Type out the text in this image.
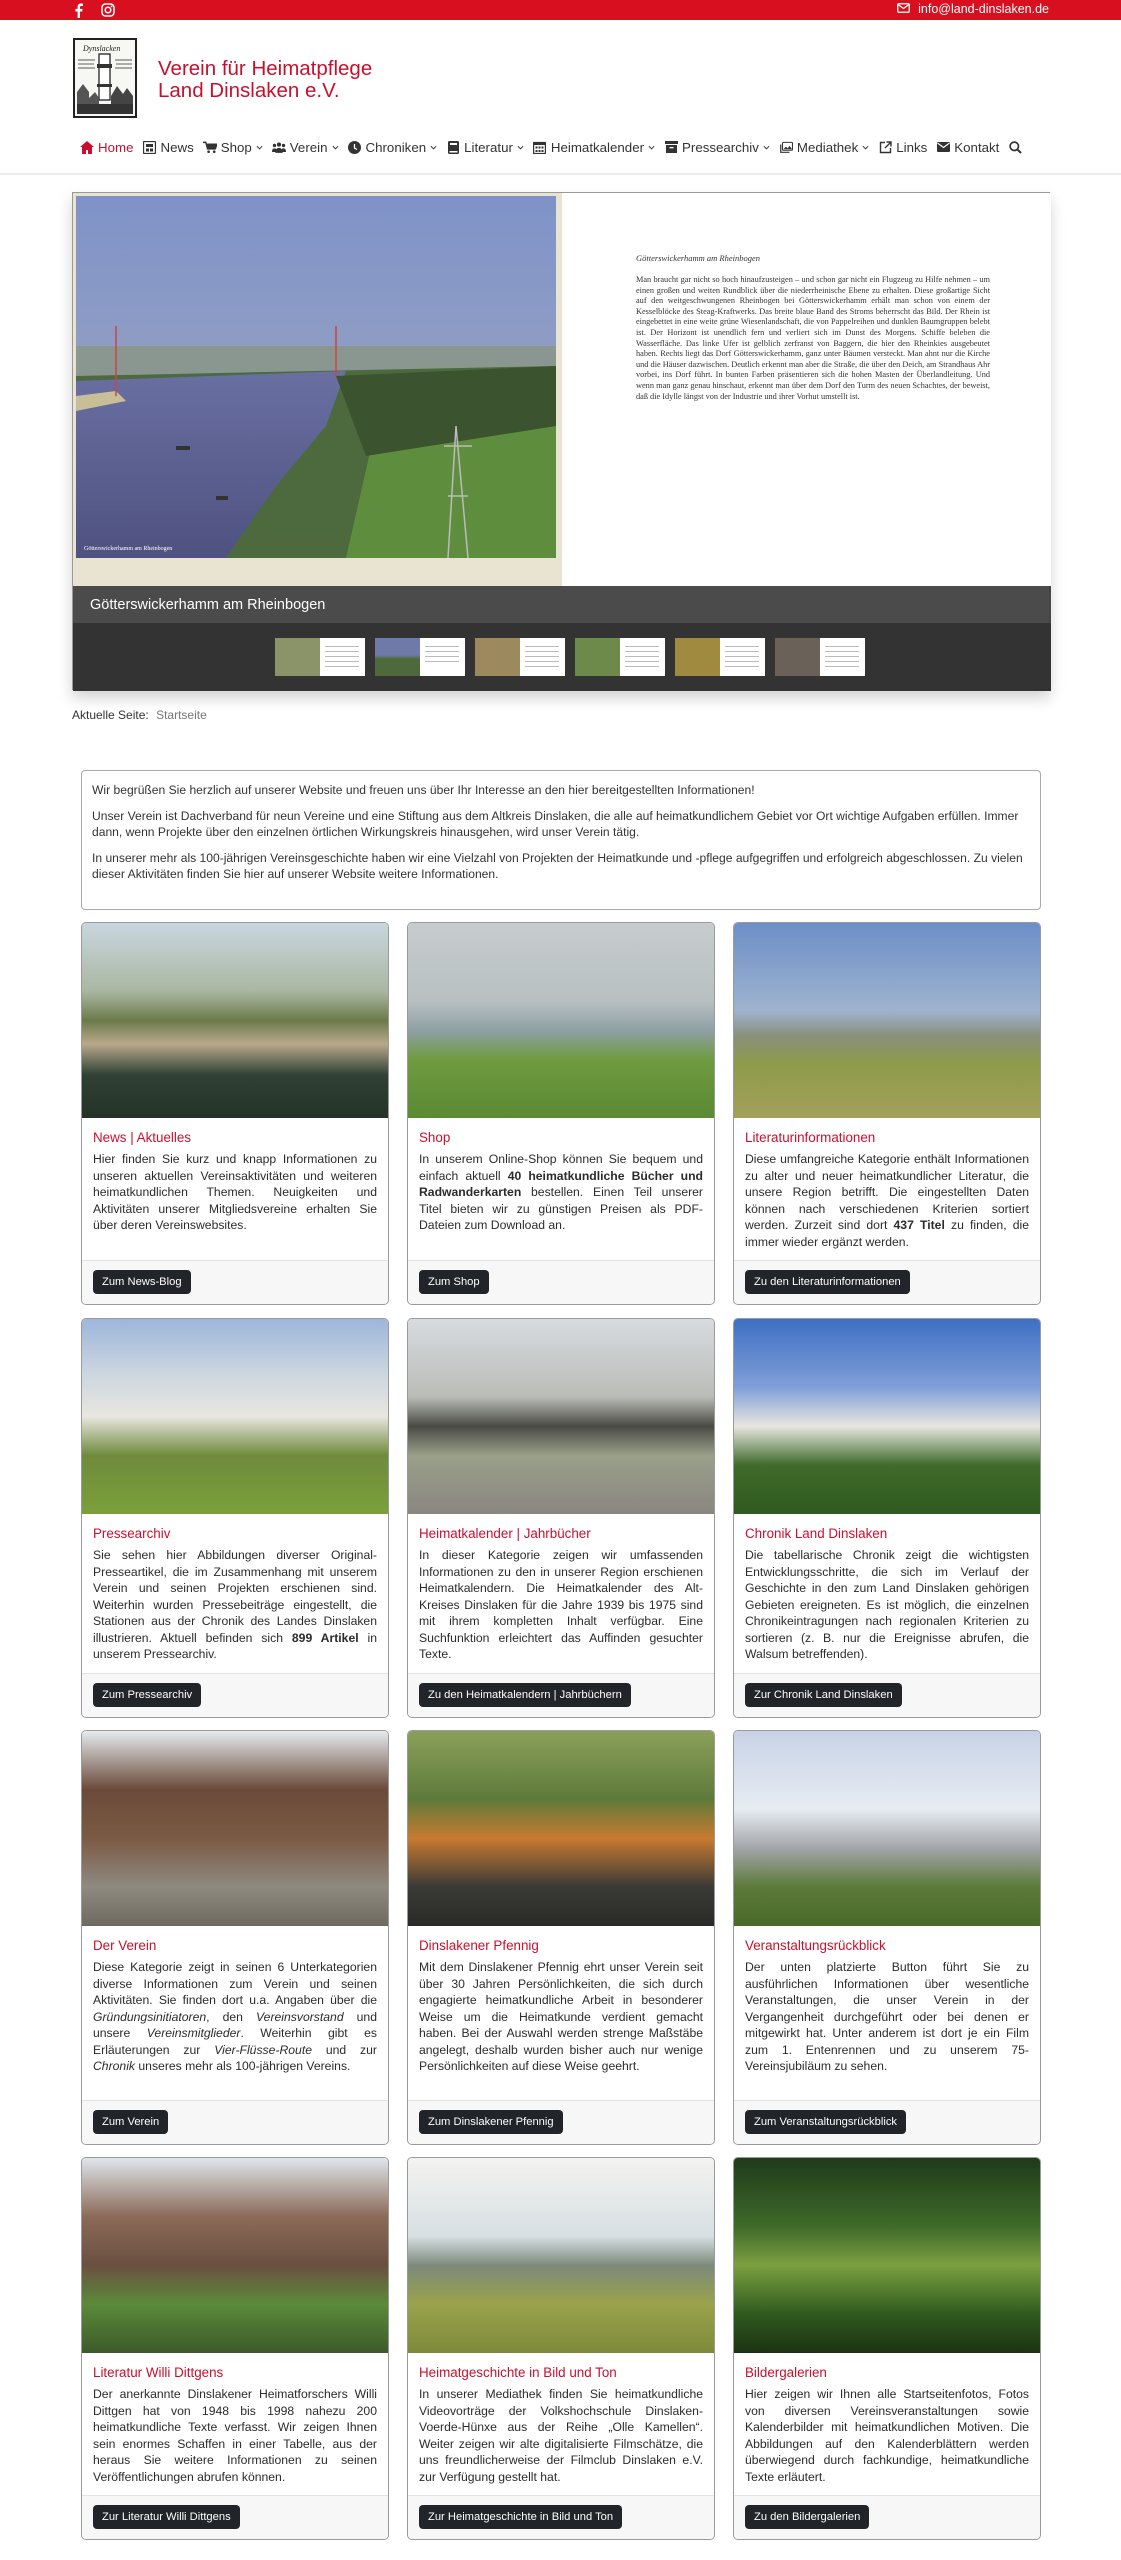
info@land-dinslaken.de
Dynslacken
Verein für Heimatpflege
Land Dinslaken e.V.
Home News Shop	Verein	Chroniken	Literatur	Heimatkalender	Pressearchiv	Mediathek	Links Kontakt
Götterswickerhamm am Rheinbogen
Götterswickerhamm am Rheinbogen
Man braucht gar nicht so hoch hinaufzusteigen – und schon gar nicht ein Flugzeug zu Hilfe nehmen – um einen großen und weiten Rundblick über die niederrheinische Ebene zu erhalten. Diese großartige Sicht auf den weitgeschwungenen Rheinbogen bei Götterswickerhamm erhält man schon von einem der Kesselblöcke des Steag-Kraftwerks. Das breite blaue Band des Stroms beherrscht das Bild. Der Rhein ist eingebettet in eine weite grüne Wiesenlandschaft, die von Pappelreihen und dunklen Baumgruppen belebt ist. Der Horizont ist unendlich fern und verliert sich im Dunst des Morgens. Schiffe beleben die Wasserfläche. Das linke Ufer ist gelblich zerfranst von Baggern, die hier den Rheinkies ausgebeutet haben. Rechts liegt das Dorf Götterswickerhamm, ganz unter Bäumen versteckt. Man ahnt nur die Kirche und die Häuser dazwischen. Deutlich erkennt man aber die Straße, die über den Deich, am Strandhaus Ahr vorbei, ins Dorf führt. In bunten Farben präsentieren sich die hohen Masten der Überlandleitung. Und wenn man ganz genau hinschaut, erkennt man über dem Dorf den Turm des neuen Schachtes, der beweist, daß die Idylle längst von der Industrie und ihrer Vorhut umstellt ist.
Götterswickerhamm am Rheinbogen
Aktuelle Seite: Startseite

Wir begrüßen Sie herzlich auf unserer Website und freuen uns über Ihr Interesse an den hier bereitgestellten Informationen!

Unser Verein ist Dachverband für neun Vereine und eine Stiftung aus dem Altkreis Dinslaken, die alle auf heimatkundlichem Gebiet vor Ort wichtige Aufgaben erfüllen. Immer dann, wenn Projekte über den einzelnen örtlichen Wirkungskreis hinausgehen, wird unser Verein tätig.

In unserer mehr als 100-jährigen Vereinsgeschichte haben wir eine Vielzahl von Projekten der Heimatkunde und -pflege aufgegriffen und erfolgreich abgeschlossen. Zu vielen dieser Aktivitäten finden Sie hier auf unserer Website weitere Informationen.

News | Aktuelles
Hier finden Sie kurz und knapp Informationen zu unseren aktuellen Vereinsaktivitäten und weiteren heimatkundlichen Themen. Neuigkeiten und Aktivitäten unserer Mitgliedsvereine erhalten Sie über deren Vereinswebsites.
Zum News-Blog
Shop
In unserem Online-Shop können Sie bequem und einfach aktuell 40 heimatkundliche Bücher und Radwanderkarten bestellen. Einen Teil unserer Titel bieten wir zu günstigen Preisen als PDF-Dateien zum Download an.
Zum Shop
Literaturinformationen
Diese umfangreiche Kategorie enthält Informationen zu alter und neuer heimatkundlicher Literatur, die unsere Region betrifft. Die eingestellten Daten können nach verschiedenen Kriterien sortiert werden. Zurzeit sind dort 437 Titel zu finden, die immer wieder ergänzt werden.
Zu den Literaturinformationen
Pressearchiv
Sie sehen hier Abbildungen diverser Original-Presseartikel, die im Zusammenhang mit unserem Verein und seinen Projekten erschienen sind. Weiterhin wurden Pressebeiträge eingestellt, die Stationen aus der Chronik des Landes Dinslaken illustrieren. Aktuell befinden sich 899 Artikel in unserem Pressearchiv.
Zum Pressearchiv
Heimatkalender | Jahrbücher
In dieser Kategorie zeigen wir umfassenden Informationen zu den in unserer Region erschienen Heimatkalendern. Die Heimatkalender des Alt-Kreises Dinslaken für die Jahre 1939 bis 1975 sind mit ihrem kompletten Inhalt verfügbar. Eine Suchfunktion erleichtert das Auffinden gesuchter Texte.
Zu den Heimatkalendern | Jahrbüchern
Chronik Land Dinslaken
Die tabellarische Chronik zeigt die wichtigsten Entwicklungsschritte, die sich im Verlauf der Geschichte in den zum Land Dinslaken gehörigen Gebieten ereigneten. Es ist möglich, die einzelnen Chronikeintragungen nach regionalen Kriterien zu sortieren (z. B. nur die Ereignisse abrufen, die Walsum betreffenden).
Zur Chronik Land Dinslaken
Der Verein
Diese Kategorie zeigt in seinen 6 Unterkategorien diverse Informationen zum Verein und seinen Aktivitäten. Sie finden dort u.a. Angaben über die Gründungsinitiatoren, den Vereinsvorstand und unsere Vereinsmitglieder. Weiterhin gibt es Erläuterungen zur Vier-Flüsse-Route und zur Chronik unseres mehr als 100-jährigen Vereins.
Zum Verein
Dinslakener Pfennig
Mit dem Dinslakener Pfennig ehrt unser Verein seit über 30 Jahren Persönlichkeiten, die sich durch engagierte heimatkundliche Arbeit in besonderer Weise um die Heimatkunde verdient gemacht haben. Bei der Auswahl werden strenge Maßstäbe angelegt, deshalb wurden bisher auch nur wenige Persönlichkeiten auf diese Weise geehrt.
Zum Dinslakener Pfennig
Veranstaltungsrückblick
Der unten platzierte Button führt Sie zu ausführlichen Informationen über wesentliche Veranstaltungen, die unser Verein in der Vergangenheit durchgeführt oder bei denen er mitgewirkt hat. Unter anderem ist dort je ein Film zum 1. Entenrennen und zu unserem 75-Vereinsjubiläum zu sehen.
Zum Veranstaltungsrückblick
Literatur Willi Dittgens
Der anerkannte Dinslakener Heimatforschers Willi Dittgen hat von 1948 bis 1998 nahezu 200 heimatkundliche Texte verfasst. Wir zeigen Ihnen sein enormes Schaffen in einer Tabelle, aus der heraus Sie weitere Informationen zu seinen Veröffentlichungen abrufen können.
Zur Literatur Willi Dittgens
Heimatgeschichte in Bild und Ton
In unserer Mediathek finden Sie heimatkundliche Videovorträge der Volkshochschule Dinslaken-Voerde-Hünxe aus der Reihe „Olle Kamellen“. Weiter zeigen wir alte digitalisierte Filmschätze, die uns freundlicherweise der Filmclub Dinslaken e.V. zur Verfügung gestellt hat.
Zur Heimatgeschichte in Bild und Ton
Bildergalerien
Hier zeigen wir Ihnen alle Startseitenfotos, Fotos von diversen Vereinsveranstaltungen sowie Kalenderbilder mit heimatkundlichen Motiven. Die Abbildungen auf den Kalenderblättern werden überwiegend durch fachkundige, heimatkundliche Texte erläutert.
Zu den Bildergalerien
